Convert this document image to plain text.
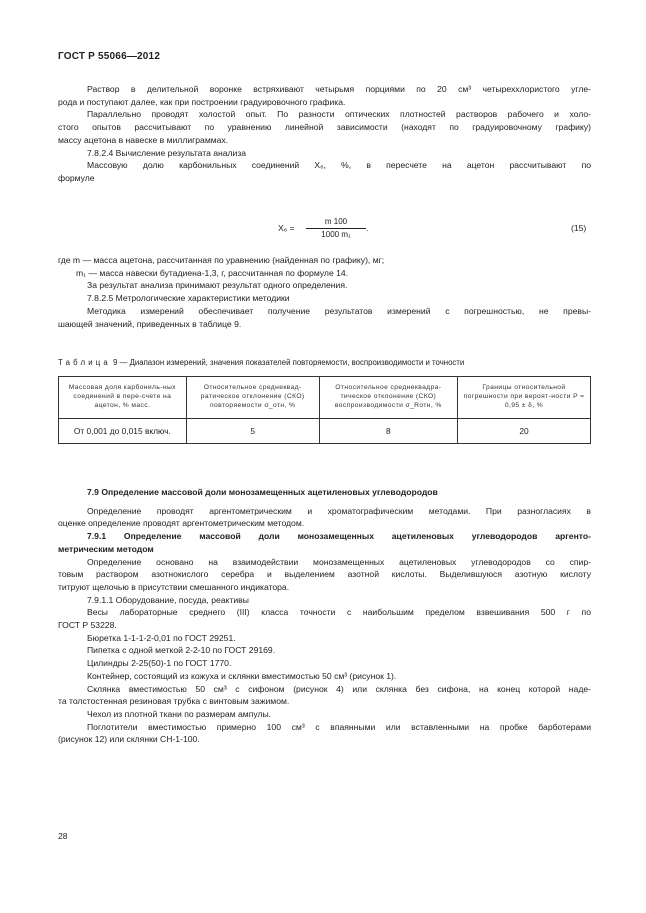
ГОСТ Р 55066—2012
Раствор в делительной воронке встряхивают четырьмя порциями по 20 см³ четыреххлористого угле-
рода и поступают далее, как при построении градуировочного графика.
Параллельно проводят холостой опыт. По разности оптических плотностей растворов рабочего и холо-
стого опытов рассчитывают по уравнению линейной зависимости (находят по градуировочному графику)
массу ацетона в навеске в миллиграммах.
7.8.2.4 Вычисление результата анализа
Массовую долю карбонильных соединений X₆, %, в пересчете на ацетон рассчитывают по
формуле
X₆ =
m 100
1000 m₁
.	(15)
где m — масса ацетона, рассчитанная по уравнению (найденная по графику), мг;
m₁ — масса навески бутадиена-1,3, г, рассчитанная по формуле 14.
За результат анализа принимают результат одного определения.
7.8.2.5 Метрологические характеристики методики
Методика измерений обеспечивает получение результатов измерений с погрешностью, не превы-
шающей значений, приведенных в таблице 9.
Таблица 9 — Диапазон измерений, значения показателей повторяемости, воспроизводимости и точности
Массовая доля карбониль-ных соединений в пере-счете на ацетон, % масс.	Относительное среднеквад-ратическое отклонение (СКО) повторяемости σ_отн, %	Относительное среднеквадра-тическое отклонение (СКО) воспроизводимости σ_Rотн, %	Границы относительной погрешности при вероят-ности P = 0,95 ± δ, %
От 0,001 до 0,015 включ.	5	8	20
7.9 Определение массовой доли монозамещенных ацетиленовых углеводородов
Определение проводят аргентометрическим и хроматографическим методами. При разногласиях в
оценке определение проводят аргентометрическим методом.
7.9.1 Определение массовой доли монозамещенных ацетиленовых углеводородов аргенто-
метрическим методом
Определение основано на взаимодействии монозамещенных ацетиленовых углеводородов со спир-
товым раствором азотнокислого серебра и выделением азотной кислоты. Выделившуюся азотную кислоту
титруют щелочью в присутствии смешанного индикатора.
7.9.1.1 Оборудование, посуда, реактивы
Весы лабораторные среднего (III) класса точности с наибольшим пределом взвешивания 500 г по
ГОСТ Р 53228.
Бюретка 1-1-1-2-0,01 по ГОСТ 29251.
Пипетка с одной меткой 2-2-10 по ГОСТ 29169.
Цилиндры 2-25(50)-1 по ГОСТ 1770.
Контейнер, состоящий из кожуха и склянки вместимостью 50 см³ (рисунок 1).
Склянка вместимостью 50 см³ с сифоном (рисунок 4) или склянка без сифона, на конец которой наде-
та толстостенная резиновая трубка с винтовым зажимом.
Чехол из плотной ткани по размерам ампулы.
Поглотители вместимостью примерно 100 см³ с впаянными или вставленными на пробке барботерами
(рисунок 12) или склянки СН-1-100.
28
